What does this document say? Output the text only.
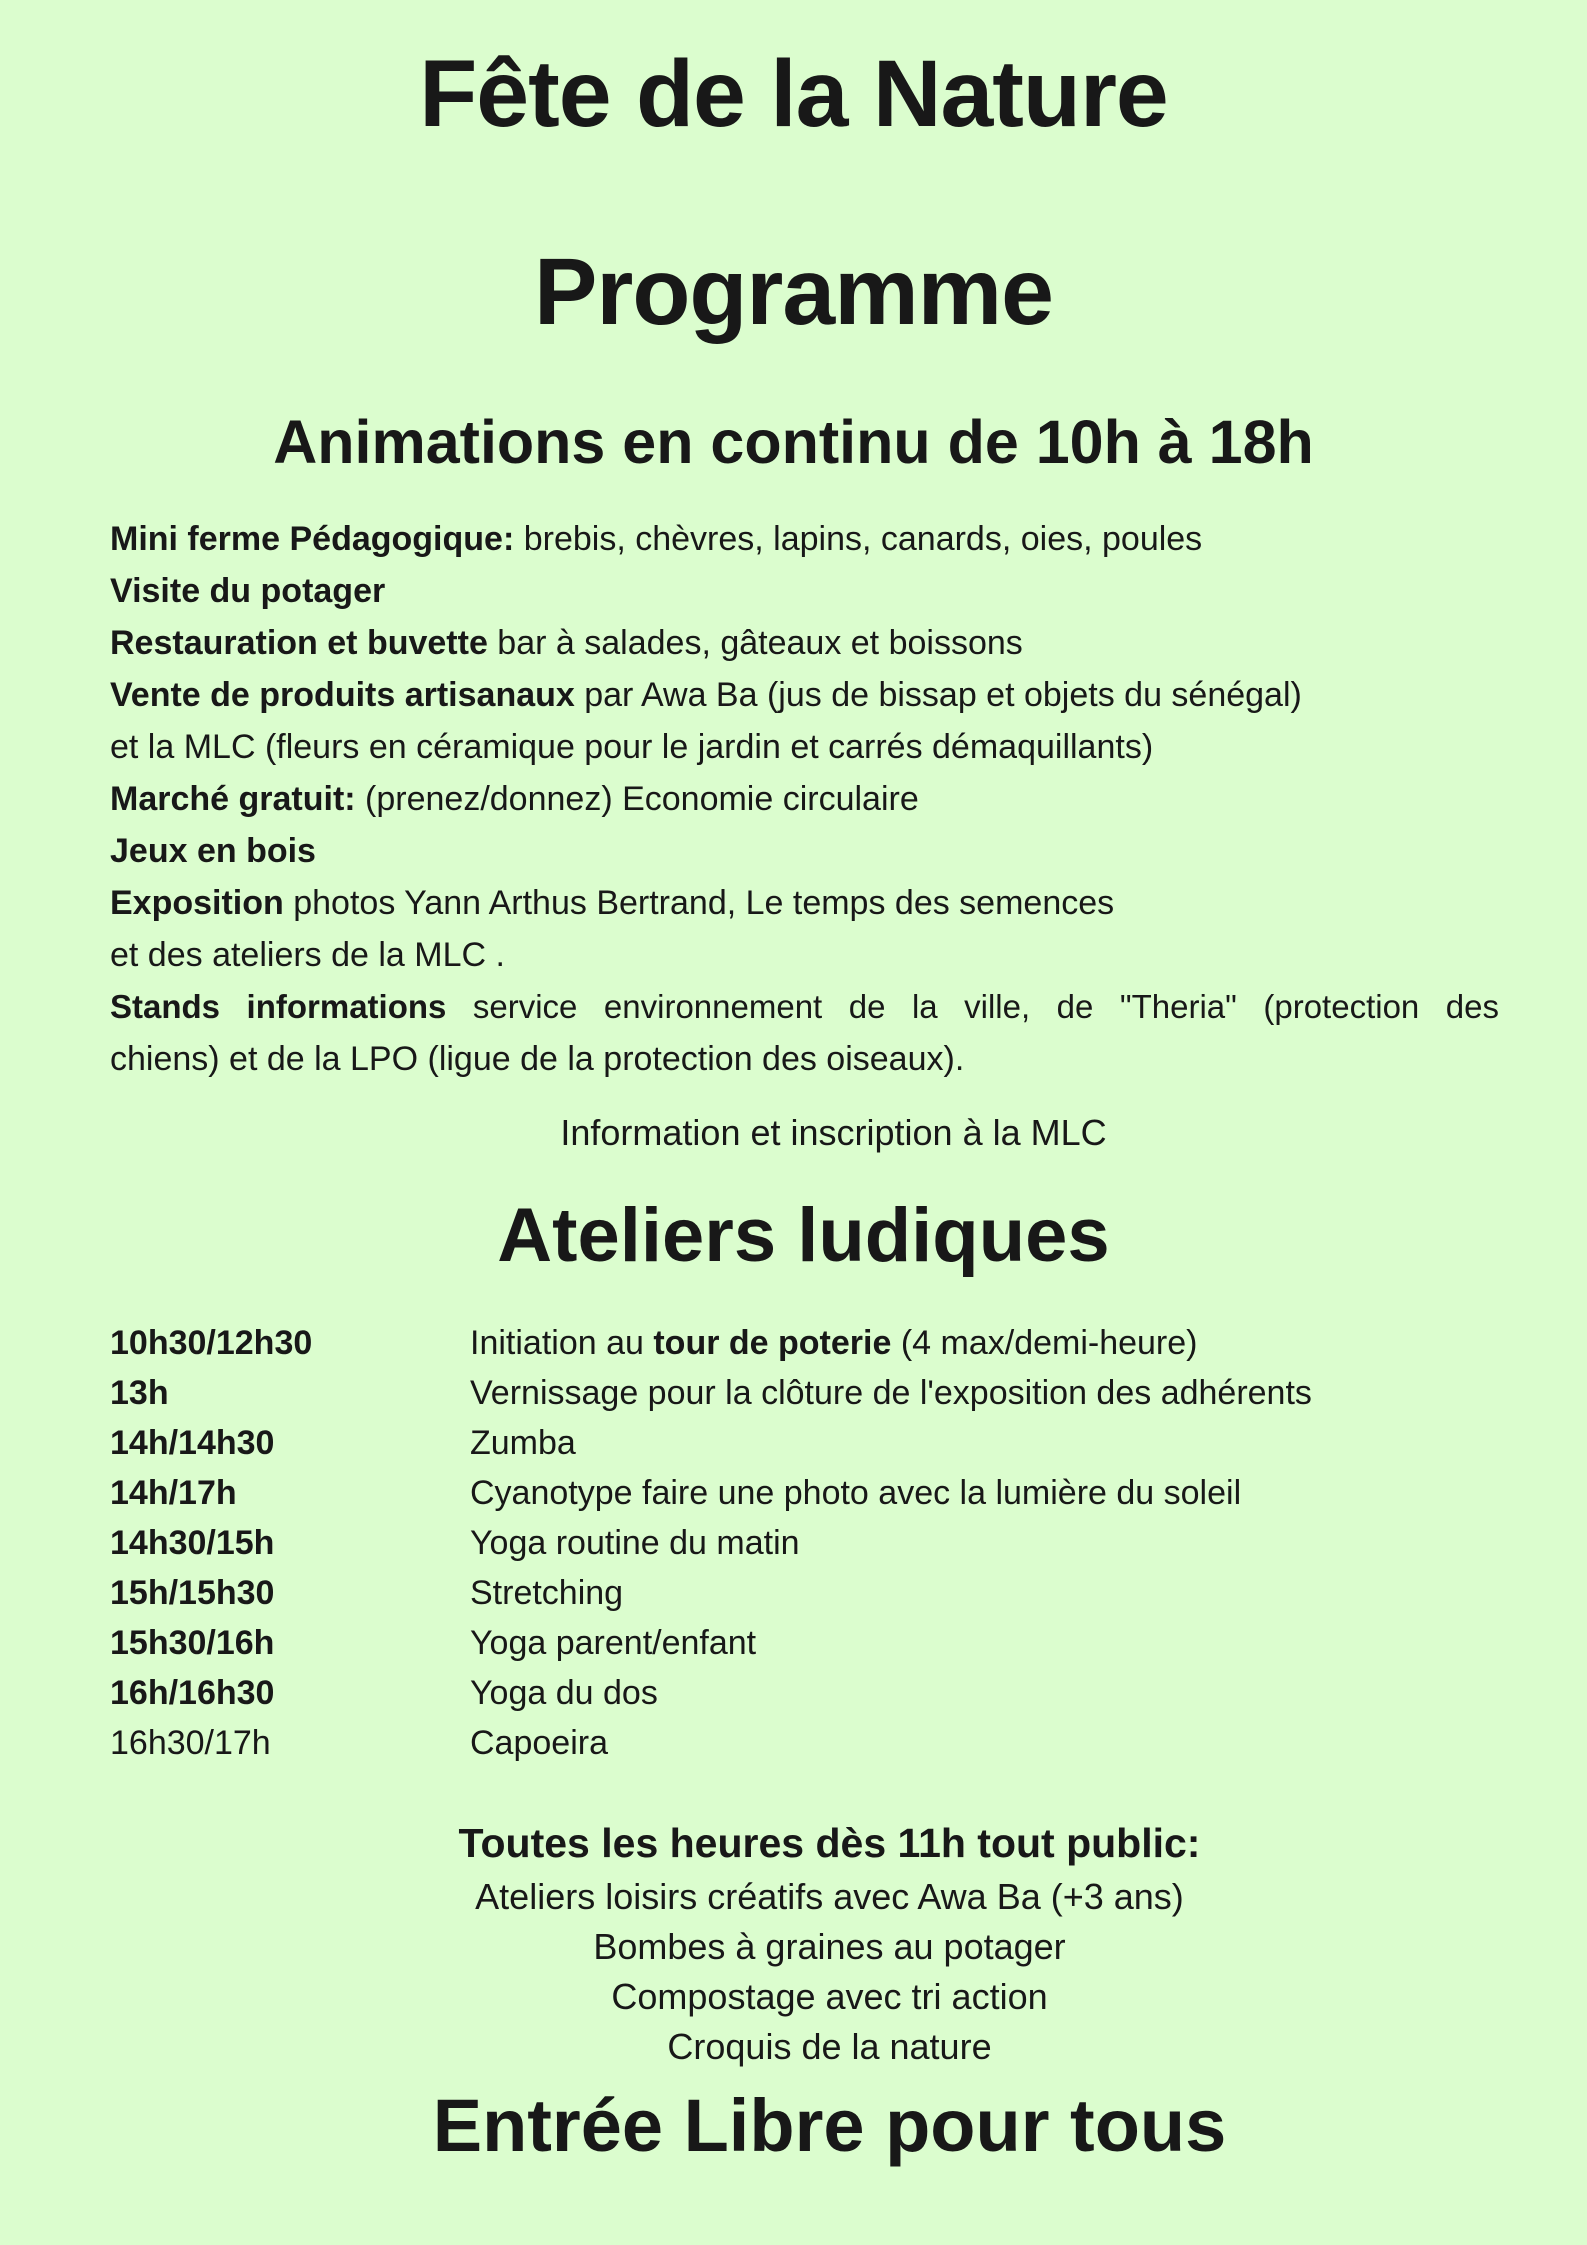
Fête de la Nature
Programme
Animations en continu de 10h à 18h
Mini ferme Pédagogique: brebis, chèvres, lapins, canards, oies, poules
Visite du potager
Restauration et buvette bar à salades, gâteaux et boissons
Vente de produits artisanaux par Awa Ba (jus de bissap et objets du sénégal)
et la MLC (fleurs en céramique pour le jardin et carrés démaquillants)
Marché gratuit: (prenez/donnez) Economie circulaire
Jeux en bois
Exposition photos Yann Arthus Bertrand, Le temps des semences
et des ateliers de la MLC .
Stands informations service environnement de la ville, de "Theria" (protection des
chiens) et de la LPO (ligue de la protection des oiseaux).
Information et inscription à la MLC
Ateliers ludiques
10h30/12h30	Initiation au tour de poterie (4 max/demi-heure)
13h	Vernissage pour la clôture de l'exposition des adhérents
14h/14h30	Zumba
14h/17h	Cyanotype faire une photo avec la lumière du soleil
14h30/15h	Yoga routine du matin
15h/15h30	Stretching
15h30/16h	Yoga parent/enfant
16h/16h30	Yoga du dos
16h30/17h	Capoeira
Toutes les heures dès 11h tout public:
Ateliers loisirs créatifs avec Awa Ba (+3 ans)
Bombes à graines au potager
Compostage avec tri action
Croquis de la nature
Entrée Libre pour tous
